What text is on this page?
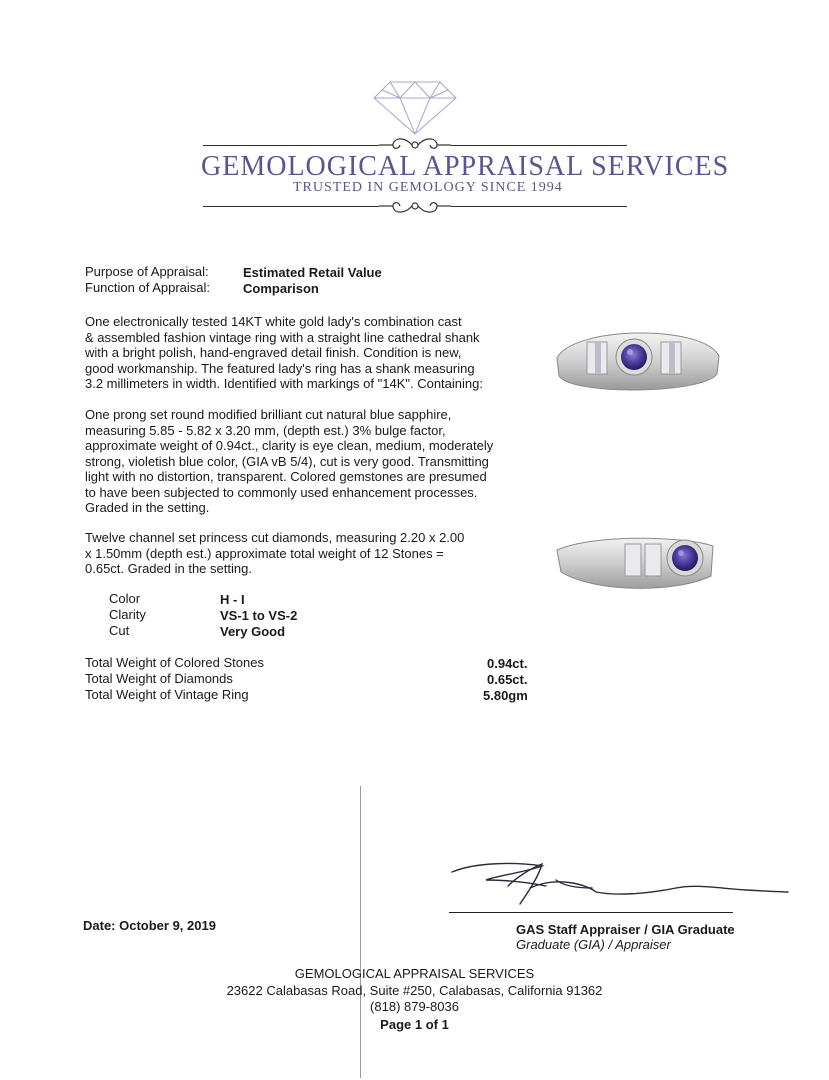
GEMOLOGICAL APPRAISAL SERVICES
TRUSTED IN GEMOLOGY SINCE 1994
Purpose of Appraisal:	Estimated Retail Value
Function of Appraisal:	Comparison
One electronically tested 14KT white gold lady's combination cast
& assembled fashion vintage ring with a straight line cathedral shank
with a bright polish, hand-engraved detail finish. Condition is new,
good workmanship. The featured lady's ring has a shank measuring
3.2 millimeters in width. Identified with markings of "14K". Containing:
One prong set round modified brilliant cut natural blue sapphire,
measuring 5.85 - 5.82 x 3.20 mm, (depth est.) 3% bulge factor,
approximate weight of 0.94ct., clarity is eye clean, medium, moderately
strong, violetish blue color, (GIA vB 5/4), cut is very good. Transmitting
light with no distortion, transparent. Colored gemstones are presumed
to have been subjected to commonly used enhancement processes.
Graded in the setting.
Twelve channel set princess cut diamonds, measuring 2.20 x 2.00
x 1.50mm (depth est.) approximate total weight of 12 Stones =
0.65ct. Graded in the setting.
Color	H - I
Clarity	VS-1 to VS-2
Cut	Very Good
Total Weight of Colored Stones	0.94ct.
Total Weight of Diamonds	0.65ct.
Total Weight of Vintage Ring	5.80gm
Date: October 9, 2019	GAS Staff Appraiser / GIA Graduate
Graduate (GIA) / Appraiser
GEMOLOGICAL APPRAISAL SERVICES
23622 Calabasas Road, Suite #250, Calabasas, California 91362
(818) 879-8036
Page 1 of 1
